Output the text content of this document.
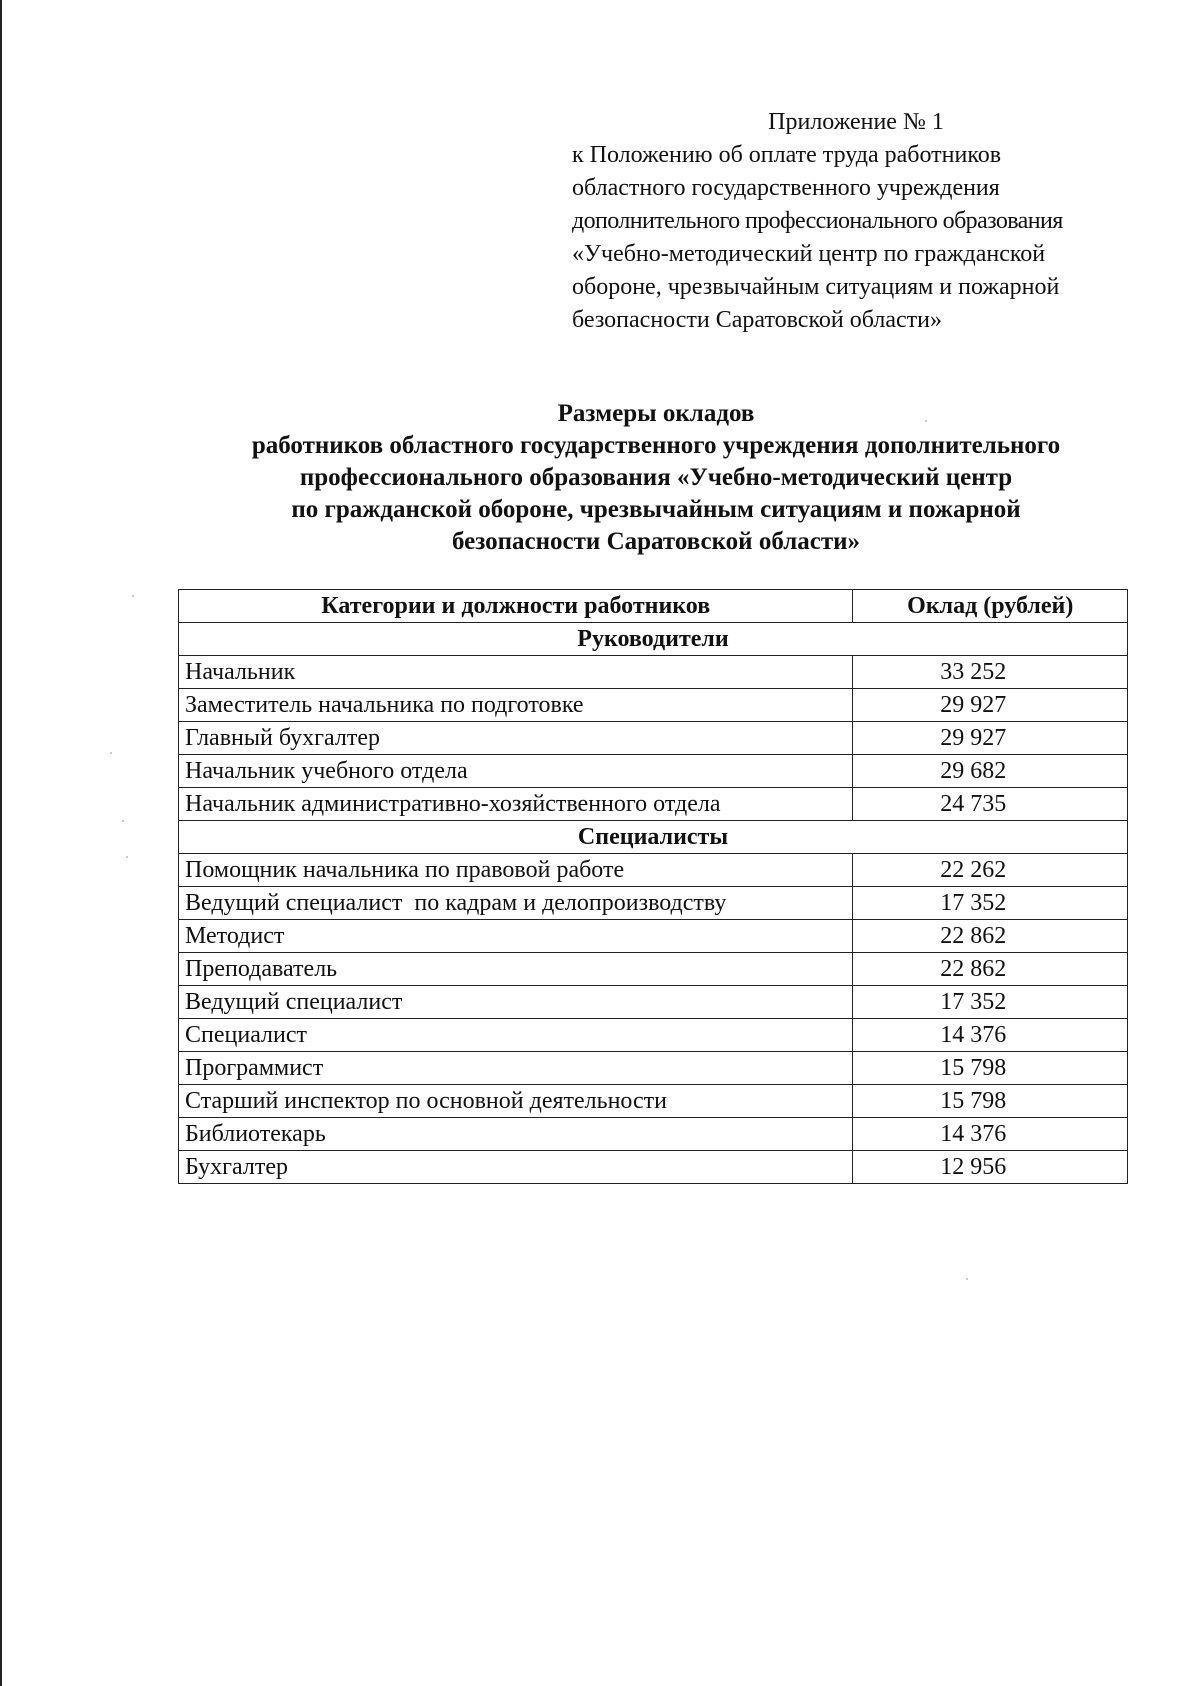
Приложение № 1
к Положению об оплате труда работников
областного государственного учреждения
дополнительного профессионального образования
«Учебно-методический центр по гражданской
обороне, чрезвычайным ситуациям и пожарной
безопасности Саратовской области»
Размеры окладов
работников областного государственного учреждения дополнительного
профессионального образования «Учебно-методический центр
по гражданской обороне, чрезвычайным ситуациям и пожарной
безопасности Саратовской области»
Категории и должности работников	Оклад (рублей)
Руководители	
Начальник	33 252
Заместитель начальника по подготовке	29 927
Главный бухгалтер	29 927
Начальник учебного отдела	29 682
Начальник административно-хозяйственного отдела	24 735
Специалисты	
Помощник начальника по правовой работе	22 262
Ведущий специалист  по кадрам и делопроизводству	17 352
Методист	22 862
Преподаватель	22 862
Ведущий специалист	17 352
Специалист	14 376
Программист	15 798
Старший инспектор по основной деятельности	15 798
Библиотекарь	14 376
Бухгалтер	12 956
